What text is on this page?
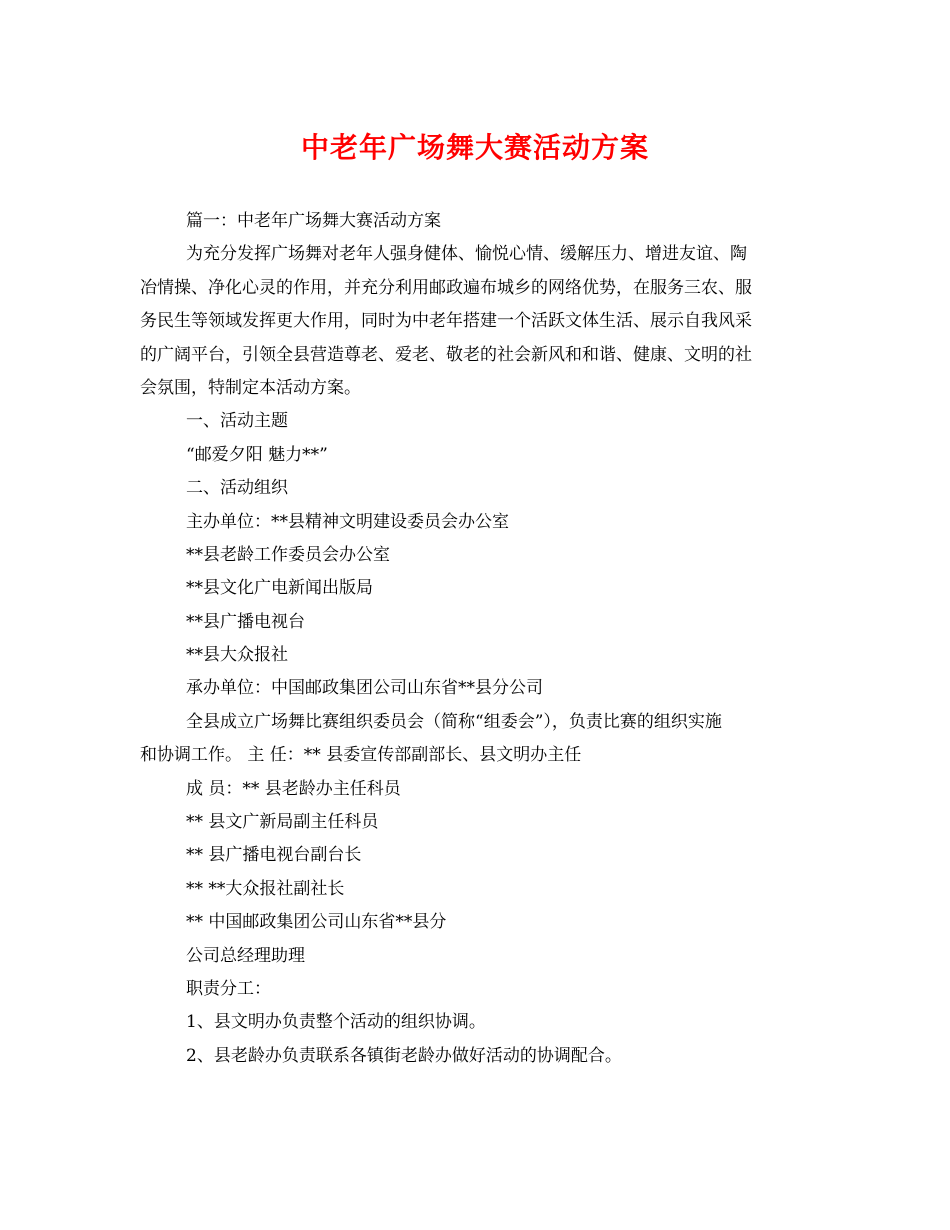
中老年广场舞大赛活动方案
篇一：中老年广场舞大赛活动方案
为充分发挥广场舞对老年人强身健体、愉悦心情、缓解压力、增进友谊、陶
冶情操、净化心灵的作用，并充分利用邮政遍布城乡的网络优势，在服务三农、服
务民生等领域发挥更大作用，同时为中老年搭建一个活跃文体生活、展示自我风采
的广阔平台，引领全县营造尊老、爱老、敬老的社会新风和和谐、健康、文明的社
会氛围，特制定本活动方案。
一、活动主题
“邮爱夕阳 魅力**”
二、活动组织
主办单位：**县精神文明建设委员会办公室
**县老龄工作委员会办公室
**县文化广电新闻出版局
**县广播电视台
**县大众报社
承办单位：中国邮政集团公司山东省**县分公司
全县成立广场舞比赛组织委员会（简称“组委会”），负责比赛的组织实施
和协调工作。 主 任：** 县委宣传部副部长、县文明办主任
成 员：** 县老龄办主任科员
** 县文广新局副主任科员
** 县广播电视台副台长
** **大众报社副社长
** 中国邮政集团公司山东省**县分
公司总经理助理
职责分工：
1、县文明办负责整个活动的组织协调。
2、县老龄办负责联系各镇街老龄办做好活动的协调配合。
